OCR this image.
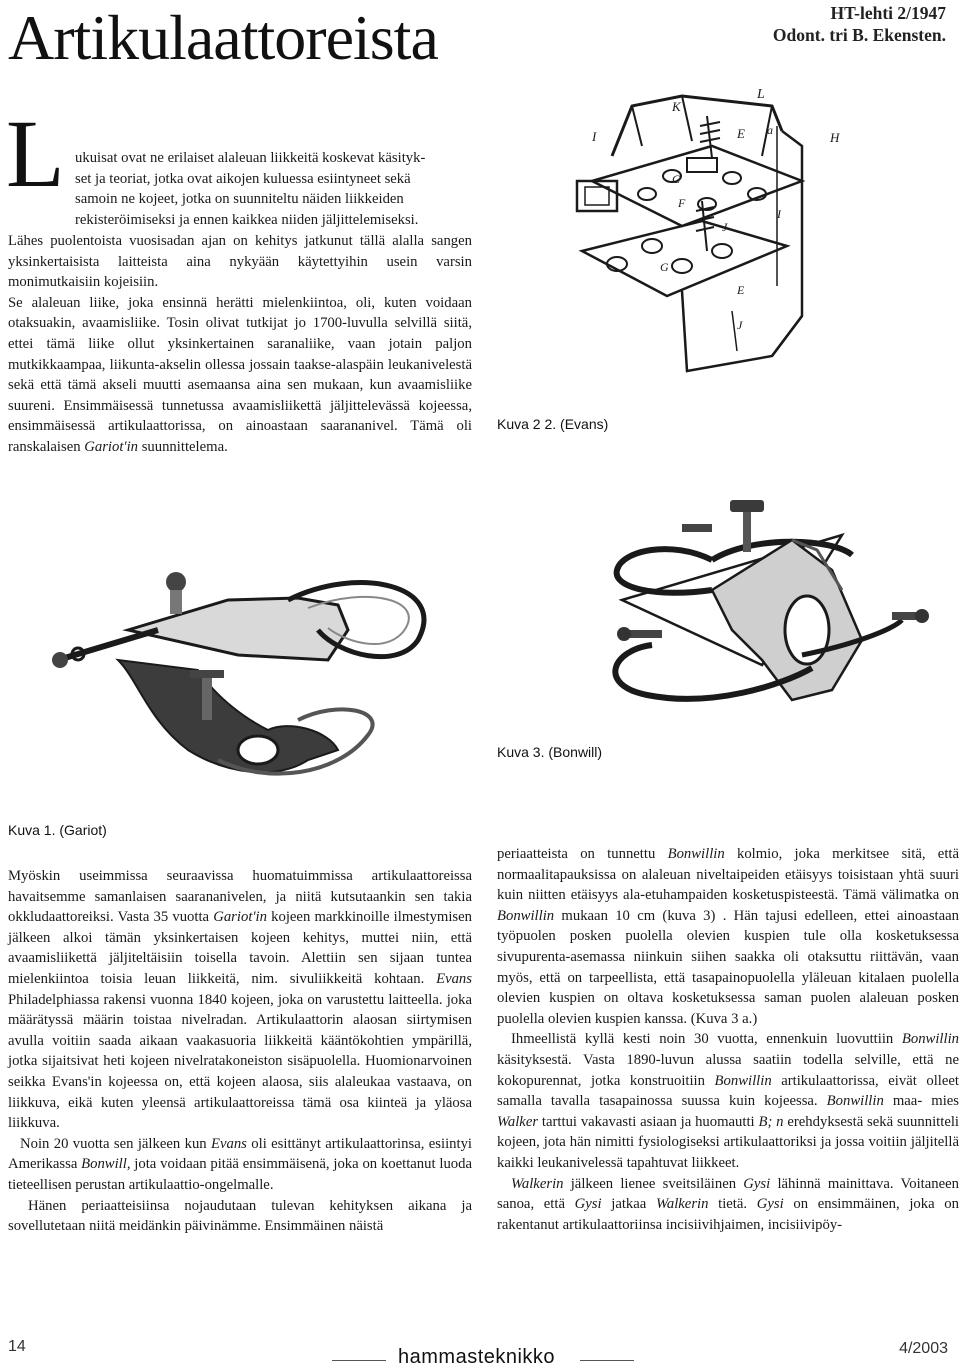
Artikulaattoreista	HT-lehti 2/1947
Odont. tri B. Ekensten.
L ukuisat ovat ne erilaiset alaleuan liikkeitä koskevat käsityk-
set ja teoriat, jotka ovat aikojen kuluessa esiintyneet sekä
samoin ne kojeet, jotka on suunniteltu näiden liikkeiden
rekisteröimiseksi ja ennen kaikkea niiden jäljittelemiseksi.

Lähes puolentoista vuosisadan ajan on kehitys jatkunut tällä alalla sangen yksinkertaisista laitteista aina nykyään käytettyihin usein varsin monimutkaisiin kojeisiin.

Se alaleuan liike, joka ensinnä herätti mielenkiintoa, oli, kuten voidaan otaksuakin, avaamisliike. Tosin olivat tutkijat jo 1700-luvulla selvillä siitä, ettei tämä liike ollut yksinkertainen saranaliike, vaan jotain paljon mutkikkaampaa, liikunta-akselin ollessa jossain taakse-alaspäin leukanivelestä sekä että tämä akseli muutti asemaansa aina sen mukaan, kun avaamisliike suureni. Ensimmäisessä tunnetussa avaamisliikettä jäljittelevässä kojeessa, ensimmäisessä artikulaattorissa, on ainoastaan saarananivel. Tämä oli ranskalaisen Gariot'in suunnittelema.

L
K
E a
I	H
C
F
J
I
G
E
J
Kuva 2 2. (Evans)
Kuva 3. (Bonwill)
Kuva 1. (Gariot)

Myöskin useimmissa seuraavissa huomatuimmissa artikulaattoreissa havaitsemme samanlaisen saarananivelen, ja niitä kutsutaankin sen takia okkludaattoreiksi. Vasta 35 vuotta Gariot'in kojeen markkinoille ilmestymisen jälkeen alkoi tämän yksinkertaisen kojeen kehitys, muttei niin, että avaamisliikettä jäljiteltäisiin toisella tavoin. Alettiin sen sijaan tuntea mielenkiintoa toisia leuan liikkeitä, nim. sivuliikkeitä kohtaan. Evans Philadelphiassa rakensi vuonna 1840 kojeen, joka on varustettu laitteella. joka määrätyssä määrin toistaa nivelradan. Artikulaattorin alaosan siirtymisen avulla voitiin saada aikaan vaakasuoria liikkeitä kääntökohtien ympärillä, jotka sijaitsivat heti kojeen nivelratakoneiston sisäpuolella. Huomionarvoinen seikka Evans'in kojeessa on, että kojeen alaosa, siis alaleukaa vastaava, on liikkuva, eikä kuten yleensä artikulaattoreissa tämä osa kiinteä ja yläosa liikkuva.

Noin 20 vuotta sen jälkeen kun Evans oli esittänyt artikulaattorinsa, esiintyi Amerikassa Bonwill, jota voidaan pitää ensimmäisenä, joka on koettanut luoda tieteellisen perustan artikulaattio-ongelmalle.

Hänen periaatteisiinsa nojaudutaan tulevan kehityksen aikana ja sovellutetaan niitä meidänkin päivinämme. Ensimmäinen näistä

periaatteista on tunnettu Bonwillin kolmio, joka merkitsee sitä, että normaalitapauksissa on alaleuan niveltaipeiden etäisyys toisistaan yhtä suuri kuin niitten etäisyys ala-etuhampaiden kosketuspisteestä. Tämä välimatka on Bonwillin mukaan 10 cm (kuva 3) . Hän tajusi edelleen, ettei ainoastaan työpuolen posken puolella olevien kuspien tule olla kosketuksessa sivupurenta-asemassa niinkuin siihen saakka oli otaksuttu riittävän, vaan myös, että on tarpeellista, että tasapainopuolella yläleuan kitalaen puolella olevien kuspien on oltava kosketuksessa saman puolen alaleuan posken puolella olevien kuspien kanssa. (Kuva 3 a.)

Ihmeellistä kyllä kesti noin 30 vuotta, ennenkuin luovuttiin Bonwillin käsityksestä. Vasta 1890-luvun alussa saatiin todella selville, että ne kokopurennat, jotka konstruoitiin Bonwillin artikulaattorissa, eivät olleet samalla tavalla tasapainossa suussa kuin kojeessa. Bonwillin maa- mies Walker tarttui vakavasti asiaan ja huomautti B; n erehdyksestä sekä suunnitteli kojeen, jota hän nimitti fysiologiseksi artikulaattoriksi ja jossa voitiin jäljitellä kaikki leukanivelessä tapahtuvat liikkeet.

Walkerin jälkeen lienee sveitsiläinen Gysi lähinnä mainittava. Voitaneen sanoa, että Gysi jatkaa Walkerin tietä. Gysi on ensimmäinen, joka on rakentanut artikulaattoriinsa incisiivihjaimen, incisiivipöy-

14	hammasteknikko	4/2003
